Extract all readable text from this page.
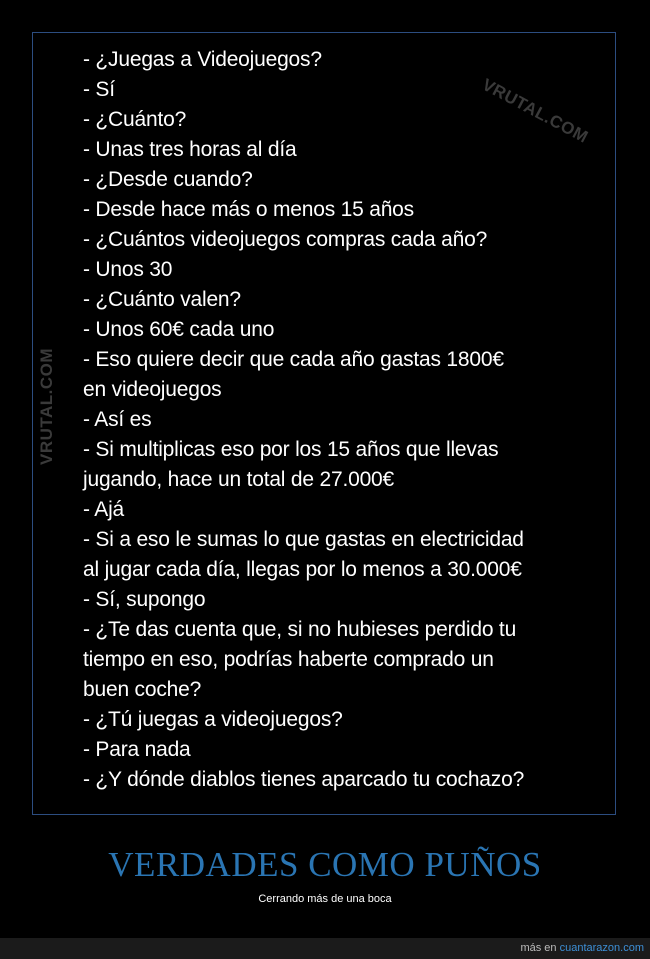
VRUTAL.COM
VRUTAL.COM
- ¿Juegas a Videojuegos?
- Sí
- ¿Cuánto?
- Unas tres horas al día
- ¿Desde cuando?
- Desde hace más o menos 15 años
- ¿Cuántos videojuegos compras cada año?
- Unos 30
- ¿Cuánto valen?
- Unos 60€ cada uno
- Eso quiere decir que cada año gastas 1800€
en videojuegos
- Así es
- Si multiplicas eso por los 15 años que llevas
jugando, hace un total de 27.000€
- Ajá
- Si a eso le sumas lo que gastas en electricidad
al jugar cada día, llegas por lo menos a 30.000€
- Sí, supongo
- ¿Te das cuenta que, si no hubieses perdido tu
tiempo en eso, podrías haberte comprado un
buen coche?
- ¿Tú juegas a videojuegos?
- Para nada
- ¿Y dónde diablos tienes aparcado tu cochazo?
VERDADES COMO PUÑOS
Cerrando más de una boca
más en cuantarazon.com
